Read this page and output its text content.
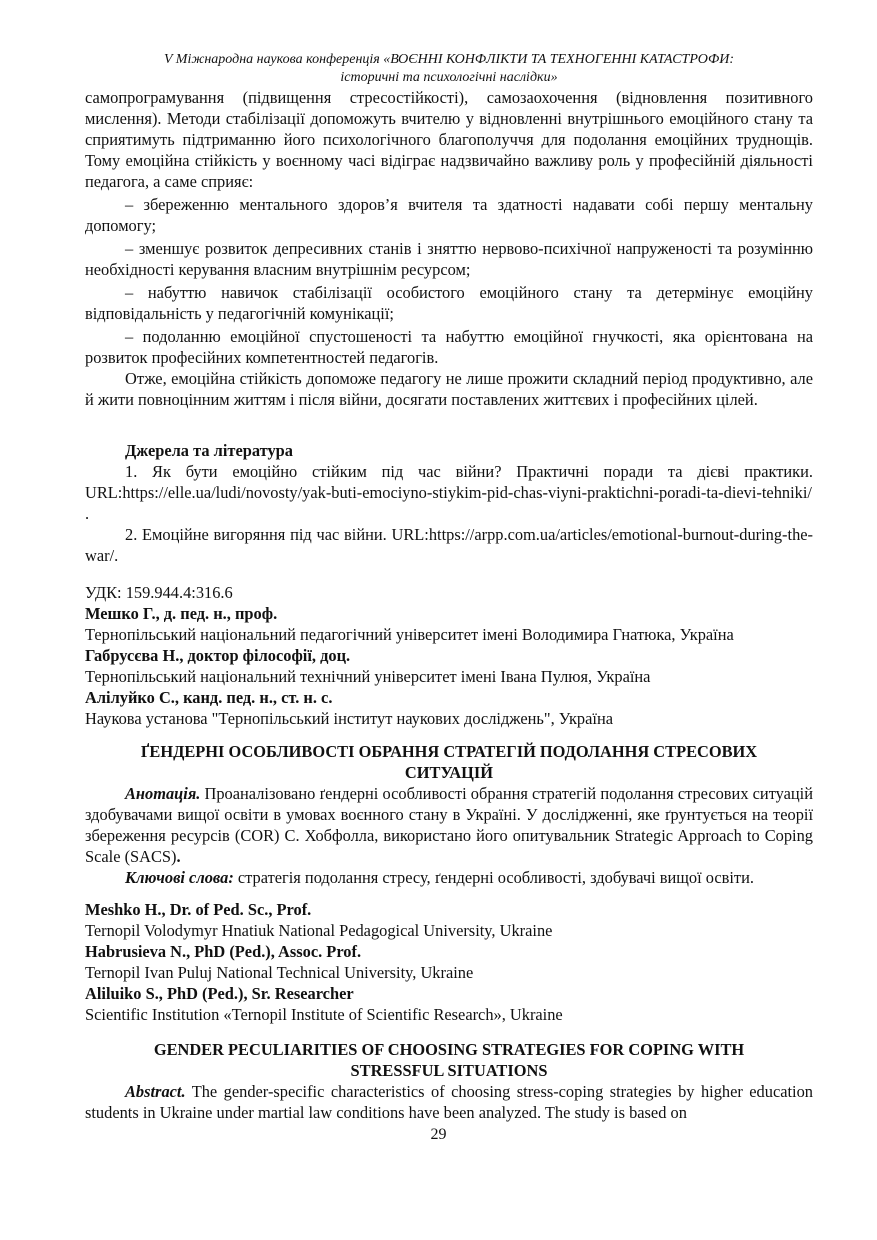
V Міжнародна наукова конференція «ВОЄННІ КОНФЛІКТИ ТА ТЕХНОГЕННІ КАТАСТРОФИ:
історичні та психологічні наслідки»

самопрограмування (підвищення стресостійкості), самозаохочення (відновлення позитивного мислення). Методи стабілізації допоможуть вчителю у відновленні внутрішнього емоційного стану та сприятимуть підтриманню його психологічного благополуччя для подолання емоційних труднощів. Тому емоційна стійкість у воєнному часі відіграє надзвичайно важливу роль у професійній діяльності педагога, а саме сприяє:

– збереженню ментального здоров’я вчителя та здатності надавати собі першу ментальну допомогу;

– зменшує розвиток депресивних станів і зняттю нервово-психічної напруженості та розумінню необхідності керування власним внутрішнім ресурсом;

– набуттю навичок стабілізації особистого емоційного стану та детермінує емоційну відповідальність у педагогічній комунікації;

– подоланню емоційної спустошеності та набуттю емоційної гнучкості, яка орієнтована на розвиток професійних компетентностей педагогів.

Отже, емоційна стійкість допоможе педагогу не лише прожити складний період продуктивно, але й жити повноцінним життям і після війни, досягати поставлених життєвих і професійних цілей.

Джерела та література

1. Як бути емоційно стійким під час війни? Практичні поради та дієві практики. URL:https://elle.ua/ludi/novosty/yak-buti-emociyno-stiykim-pid-chas-viyni-praktichni-poradi-ta-dievi-tehniki/ .

2. Емоційне вигоряння під час війни. URL:https://arpp.com.ua/articles/emotional-burnout-during-the-war/.

УДК: 159.944.4:316.6

Мешко Г., д. пед. н., проф.

Тернопільський національний педагогічний університет імені Володимира Гнатюка, Україна

Габрусєва Н., доктор філософії, доц.

Тернопільський національний технічний університет імені Івана Пулюя, Україна

Алілуйко С., канд. пед. н., ст. н. с.

Наукова установа "Тернопільський інститут наукових досліджень", Україна

ҐЕНДЕРНІ ОСОБЛИВОСТІ ОБРАННЯ СТРАТЕГІЙ ПОДОЛАННЯ СТРЕСОВИХ
СИТУАЦІЙ

Анотація. Проаналізовано ґендерні особливості обрання стратегій подолання стресових ситуацій здобувачами вищої освіти в умовах воєнного стану в Україні. У дослідженні, яке ґрунтується на теорії збереження ресурсів (COR) С. Хобфолла, використано його опитувальник Strategic Approach to Coping Scale (SACS).

Ключові слова: стратегія подолання стресу, ґендерні особливості, здобувачі вищої освіти.

Meshko H., Dr. of Ped. Sc., Prof.

Ternopil Volodymyr Hnatiuk National Pedagogical University, Ukraine

Habrusieva N., PhD (Ped.), Assoc. Prof.

Ternopil Ivan Puluj National Technical University, Ukraine

Aliluiko S., PhD (Ped.), Sr. Researcher

Scientific Institution «Ternopil Institute of Scientific Research», Ukraine

GENDER PECULIARITIES OF CHOOSING STRATEGIES FOR COPING WITH
STRESSFUL SITUATIONS

Abstract. The gender-specific characteristics of choosing stress-coping strategies by higher education students in Ukraine under martial law conditions have been analyzed. The study is based on

29
